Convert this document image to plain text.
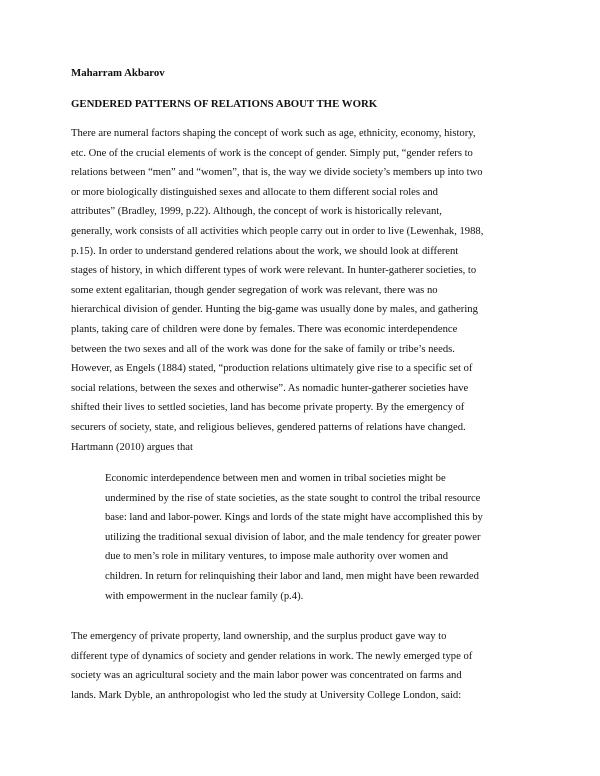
Maharram Akbarov
GENDERED PATTERNS OF RELATIONS ABOUT THE WORK
There are numeral factors shaping the concept of work such as age, ethnicity, economy, history,
etc. One of the crucial elements of work is the concept of gender. Simply put, “gender refers to
relations between “men” and “women”, that is, the way we divide society’s members up into two
or more biologically distinguished sexes and allocate to them different social roles and
attributes” (Bradley, 1999, p.22). Although, the concept of work is historically relevant,
generally, work consists of all activities which people carry out in order to live (Lewenhak, 1988,
p.15). In order to understand gendered relations about the work, we should look at different
stages of history, in which different types of work were relevant. In hunter-gatherer societies, to
some extent egalitarian, though gender segregation of work was relevant, there was no
hierarchical division of gender. Hunting the big-game was usually done by males, and gathering
plants, taking care of children were done by females. There was economic interdependence
between the two sexes and all of the work was done for the sake of family or tribe’s needs.
However, as Engels (1884) stated, “production relations ultimately give rise to a specific set of
social relations, between the sexes and otherwise”. As nomadic hunter-gatherer societies have
shifted their lives to settled societies, land has become private property. By the emergency of
securers of society, state, and religious believes, gendered patterns of relations have changed.
Hartmann (2010) argues that
Economic interdependence between men and women in tribal societies might be
undermined by the rise of state societies, as the state sought to control the tribal resource
base: land and labor-power. Kings and lords of the state might have accomplished this by
utilizing the traditional sexual division of labor, and the male tendency for greater power
due to men’s role in military ventures, to impose male authority over women and
children. In return for relinquishing their labor and land, men might have been rewarded
with empowerment in the nuclear family (p.4).
The emergency of private property, land ownership, and the surplus product gave way to
different type of dynamics of society and gender relations in work. The newly emerged type of
society was an agricultural society and the main labor power was concentrated on farms and
lands. Mark Dyble, an anthropologist who led the study at University College London, said:
